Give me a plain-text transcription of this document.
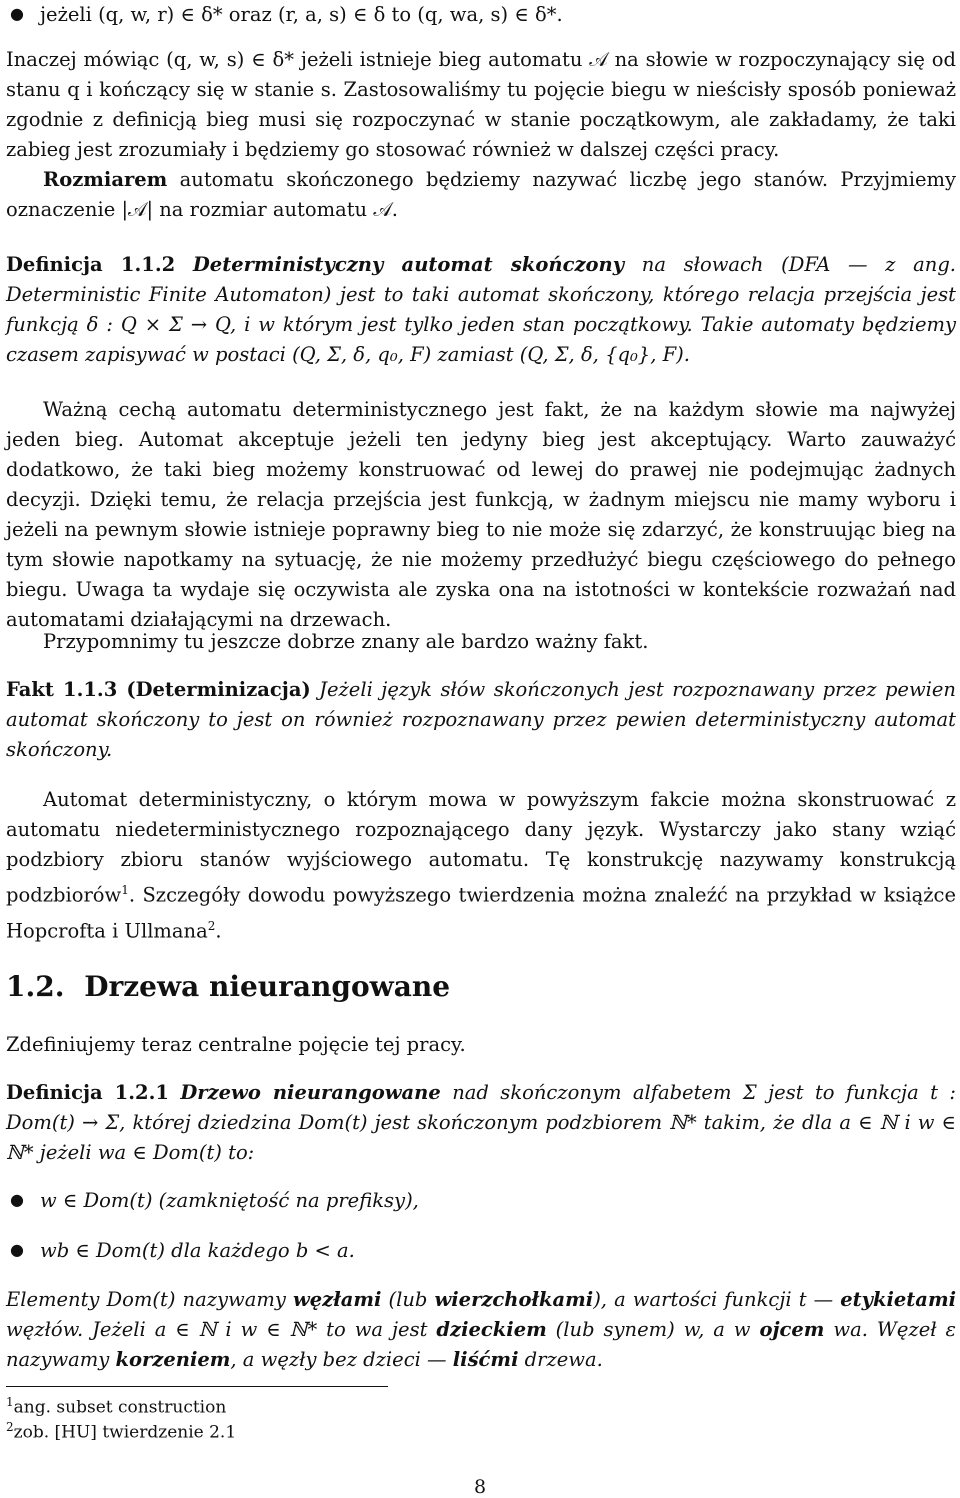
● jeżeli (q, w, r) ∈ δ* oraz (r, a, s) ∈ δ to (q, wa, s) ∈ δ*.
Inaczej mówiąc (q, w, s) ∈ δ* jeżeli istnieje bieg automatu 𝒜 na słowie w rozpoczynający się od stanu q i kończący się w stanie s. Zastosowaliśmy tu pojęcie biegu w nieścisły sposób ponieważ zgodnie z definicją bieg musi się rozpoczynać w stanie początkowym, ale zakładamy, że taki zabieg jest zrozumiały i będziemy go stosować również w dalszej części pracy.
Rozmiarem automatu skończonego będziemy nazywać liczbę jego stanów. Przyjmiemy oznaczenie |𝒜| na rozmiar automatu 𝒜.
Definicja 1.1.2 Deterministyczny automat skończony na słowach (DFA — z ang. Deterministic Finite Automaton) jest to taki automat skończony, którego relacja przejścia jest funkcją δ : Q × Σ → Q, i w którym jest tylko jeden stan początkowy. Takie automaty będziemy czasem zapisywać w postaci (Q, Σ, δ, q₀, F) zamiast (Q, Σ, δ, {q₀}, F).
Ważną cechą automatu deterministycznego jest fakt, że na każdym słowie ma najwyżej jeden bieg. Automat akceptuje jeżeli ten jedyny bieg jest akceptujący. Warto zauważyć dodatkowo, że taki bieg możemy konstruować od lewej do prawej nie podejmując żadnych decyzji. Dzięki temu, że relacja przejścia jest funkcją, w żadnym miejscu nie mamy wyboru i jeżeli na pewnym słowie istnieje poprawny bieg to nie może się zdarzyć, że konstruując bieg na tym słowie napotkamy na sytuację, że nie możemy przedłużyć biegu częściowego do pełnego biegu. Uwaga ta wydaje się oczywista ale zyska ona na istotności w kontekście rozważań nad automatami działającymi na drzewach.
Przypomnimy tu jeszcze dobrze znany ale bardzo ważny fakt.
Fakt 1.1.3 (Determinizacja) Jeżeli język słów skończonych jest rozpoznawany przez pewien automat skończony to jest on również rozpoznawany przez pewien deterministyczny automat skończony.
Automat deterministyczny, o którym mowa w powyższym fakcie można skonstruować z automatu niedeterministycznego rozpoznającego dany język. Wystarczy jako stany wziąć podzbiory zbioru stanów wyjściowego automatu. Tę konstrukcję nazywamy konstrukcją podzbiorów$^1$. Szczegóły dowodu powyższego twierdzenia można znaleźć na przykład w książce Hopcrofta i Ullmana$^2$.
1.2. Drzewa nieurangowane
Zdefiniujemy teraz centralne pojęcie tej pracy.
Definicja 1.2.1 Drzewo nieurangowane nad skończonym alfabetem Σ jest to funkcja t : Dom(t) → Σ, której dziedzina Dom(t) jest skończonym podzbiorem ℕ* takim, że dla a ∈ ℕ i w ∈ ℕ* jeżeli wa ∈ Dom(t) to:
● w ∈ Dom(t) (zamkniętość na prefiksy),
● wb ∈ Dom(t) dla każdego b < a.
Elementy Dom(t) nazywamy węzłami (lub wierzchołkami), a wartości funkcji t — etykietami węzłów. Jeżeli a ∈ ℕ i w ∈ ℕ* to wa jest dzieckiem (lub synem) w, a w ojcem wa. Węzeł ε nazywamy korzeniem, a węzły bez dzieci — liśćmi drzewa.
$^1$ang. subset construction
$^2$zob. [HU] twierdzenie 2.1
8
